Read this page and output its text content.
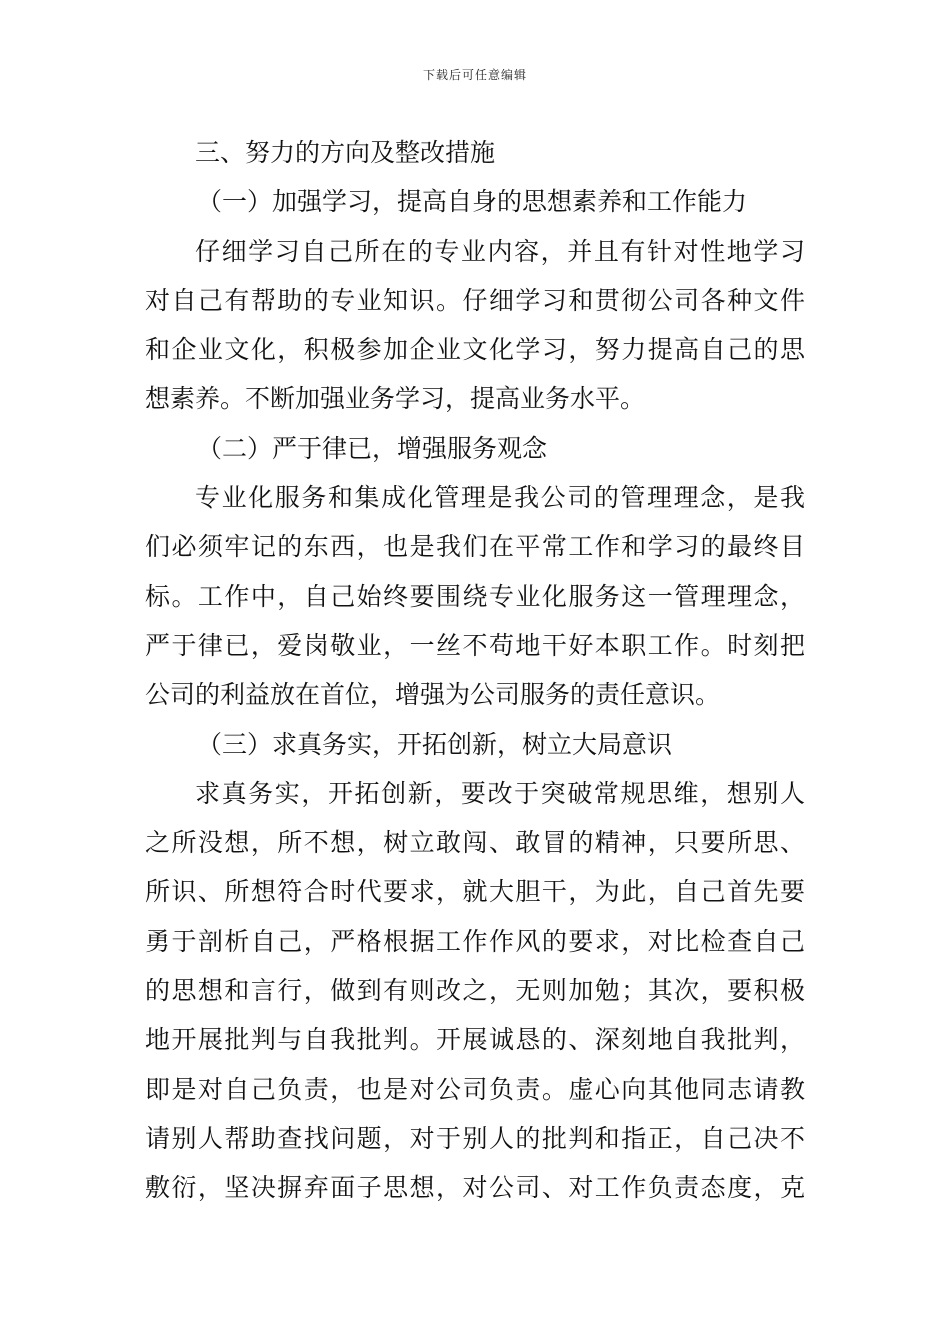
下载后可任意编辑
三、努力的方向及整改措施
（一）加强学习，提高自身的思想素养和工作能力
仔细学习自己所在的专业内容，并且有针对性地学习
对自己有帮助的专业知识。仔细学习和贯彻公司各种文件
和企业文化，积极参加企业文化学习，努力提高自己的思
想素养。不断加强业务学习，提高业务水平。
（二）严于律已，增强服务观念
专业化服务和集成化管理是我公司的管理理念，是我
们必须牢记的东西，也是我们在平常工作和学习的最终目
标。工作中，自己始终要围绕专业化服务这一管理理念，
严于律已，爱岗敬业，一丝不苟地干好本职工作。时刻把
公司的利益放在首位，增强为公司服务的责任意识。
（三）求真务实，开拓创新，树立大局意识
求真务实，开拓创新，要改于突破常规思维，想别人
之所没想，所不想，树立敢闯、敢冒的精神，只要所思、
所识、所想符合时代要求，就大胆干，为此，自己首先要
勇于剖析自己，严格根据工作作风的要求，对比检查自己
的思想和言行，做到有则改之，无则加勉；其次，要积极
地开展批判与自我批判。开展诚恳的、深刻地自我批判，
即是对自己负责，也是对公司负责。虚心向其他同志请教
请别人帮助查找问题，对于别人的批判和指正，自己决不
敷衍，坚决摒弃面子思想，对公司、对工作负责态度，克
